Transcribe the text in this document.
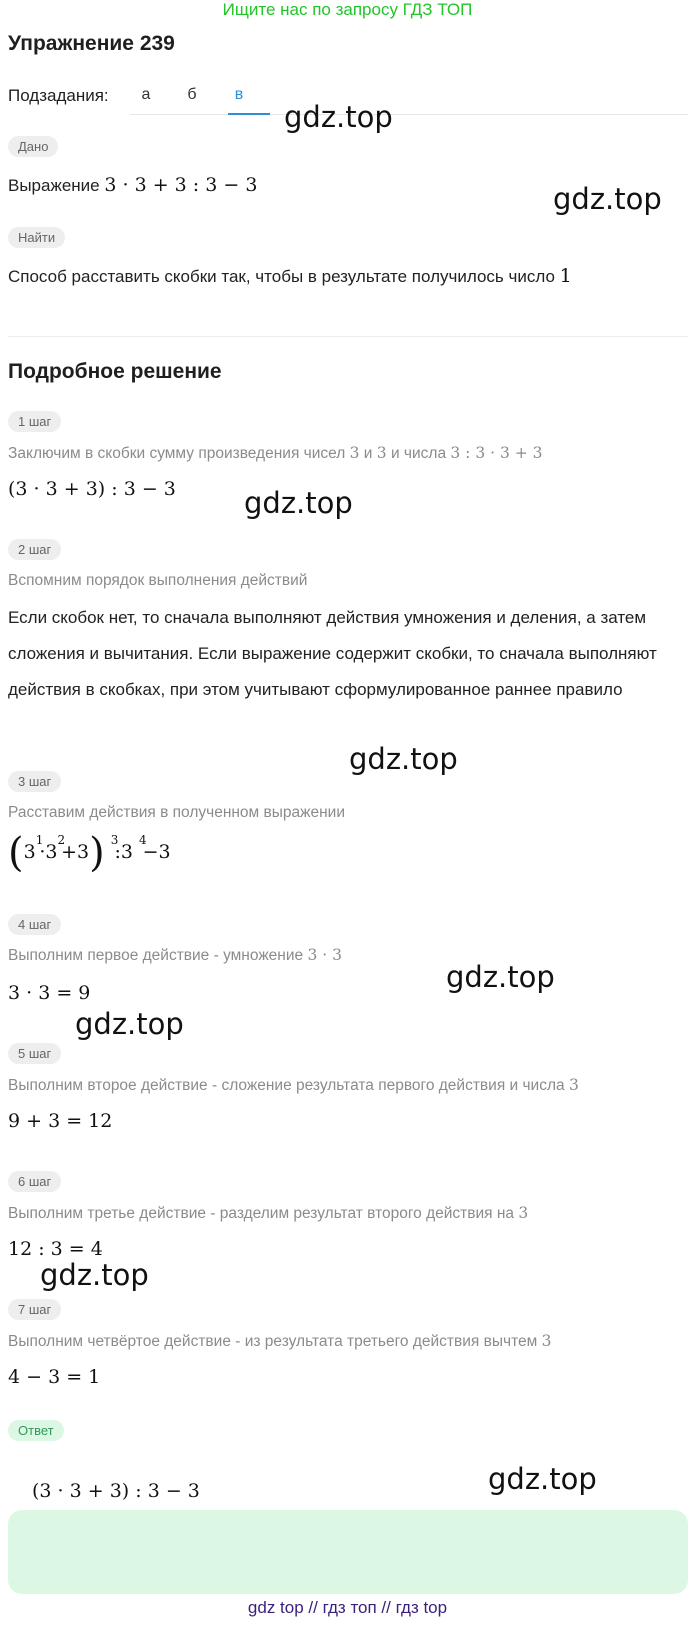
Ищите нас по запросу ГДЗ ТОП
Упражнение 239
Подзадания:	а	б	в
gdz.top
Дано
Выражение 3 · 3 + 3 : 3 − 3	gdz.top
Найти
Способ расставить скобки так, чтобы в результате получилось число 1
Подробное решение
1 шаг
Заключим в скобки сумму произведения чисел 3 и 3 и числа 3 : 3 · 3 + 3
(3 · 3 + 3) : 3 − 3 gdz.top
2 шаг
Вспомним порядок выполнения действий
Если скобок нет, то сначала выполняют действия умножения и деления, а затем сложения и вычитания. Если выражение содержит скобки, то сначала выполняют действия в скобках, при этом учитывают сформулированное раннее правило
gdz.top
3 шаг
Расставим действия в полученном выражении
$(3^1\cdot 3^2+3)$ $^3$:3 $^4$−3
4 шаг
Выполним первое действие - умножение 3 · 3
gdz.top
3 · 3 = 9
gdz.top
5 шаг
Выполним второе действие - сложение результата первого действия и числа 3
9 + 3 = 12
6 шаг
Выполним третье действие - разделим результат второго действия на 3
12 : 3 = 4
gdz.top
7 шаг
Выполним четвёртое действие - из результата третьего действия вычтем 3
4 − 3 = 1
Ответ
(3 · 3 + 3) : 3 − 3	gdz.top
gdz top // гдз топ // гдз top
